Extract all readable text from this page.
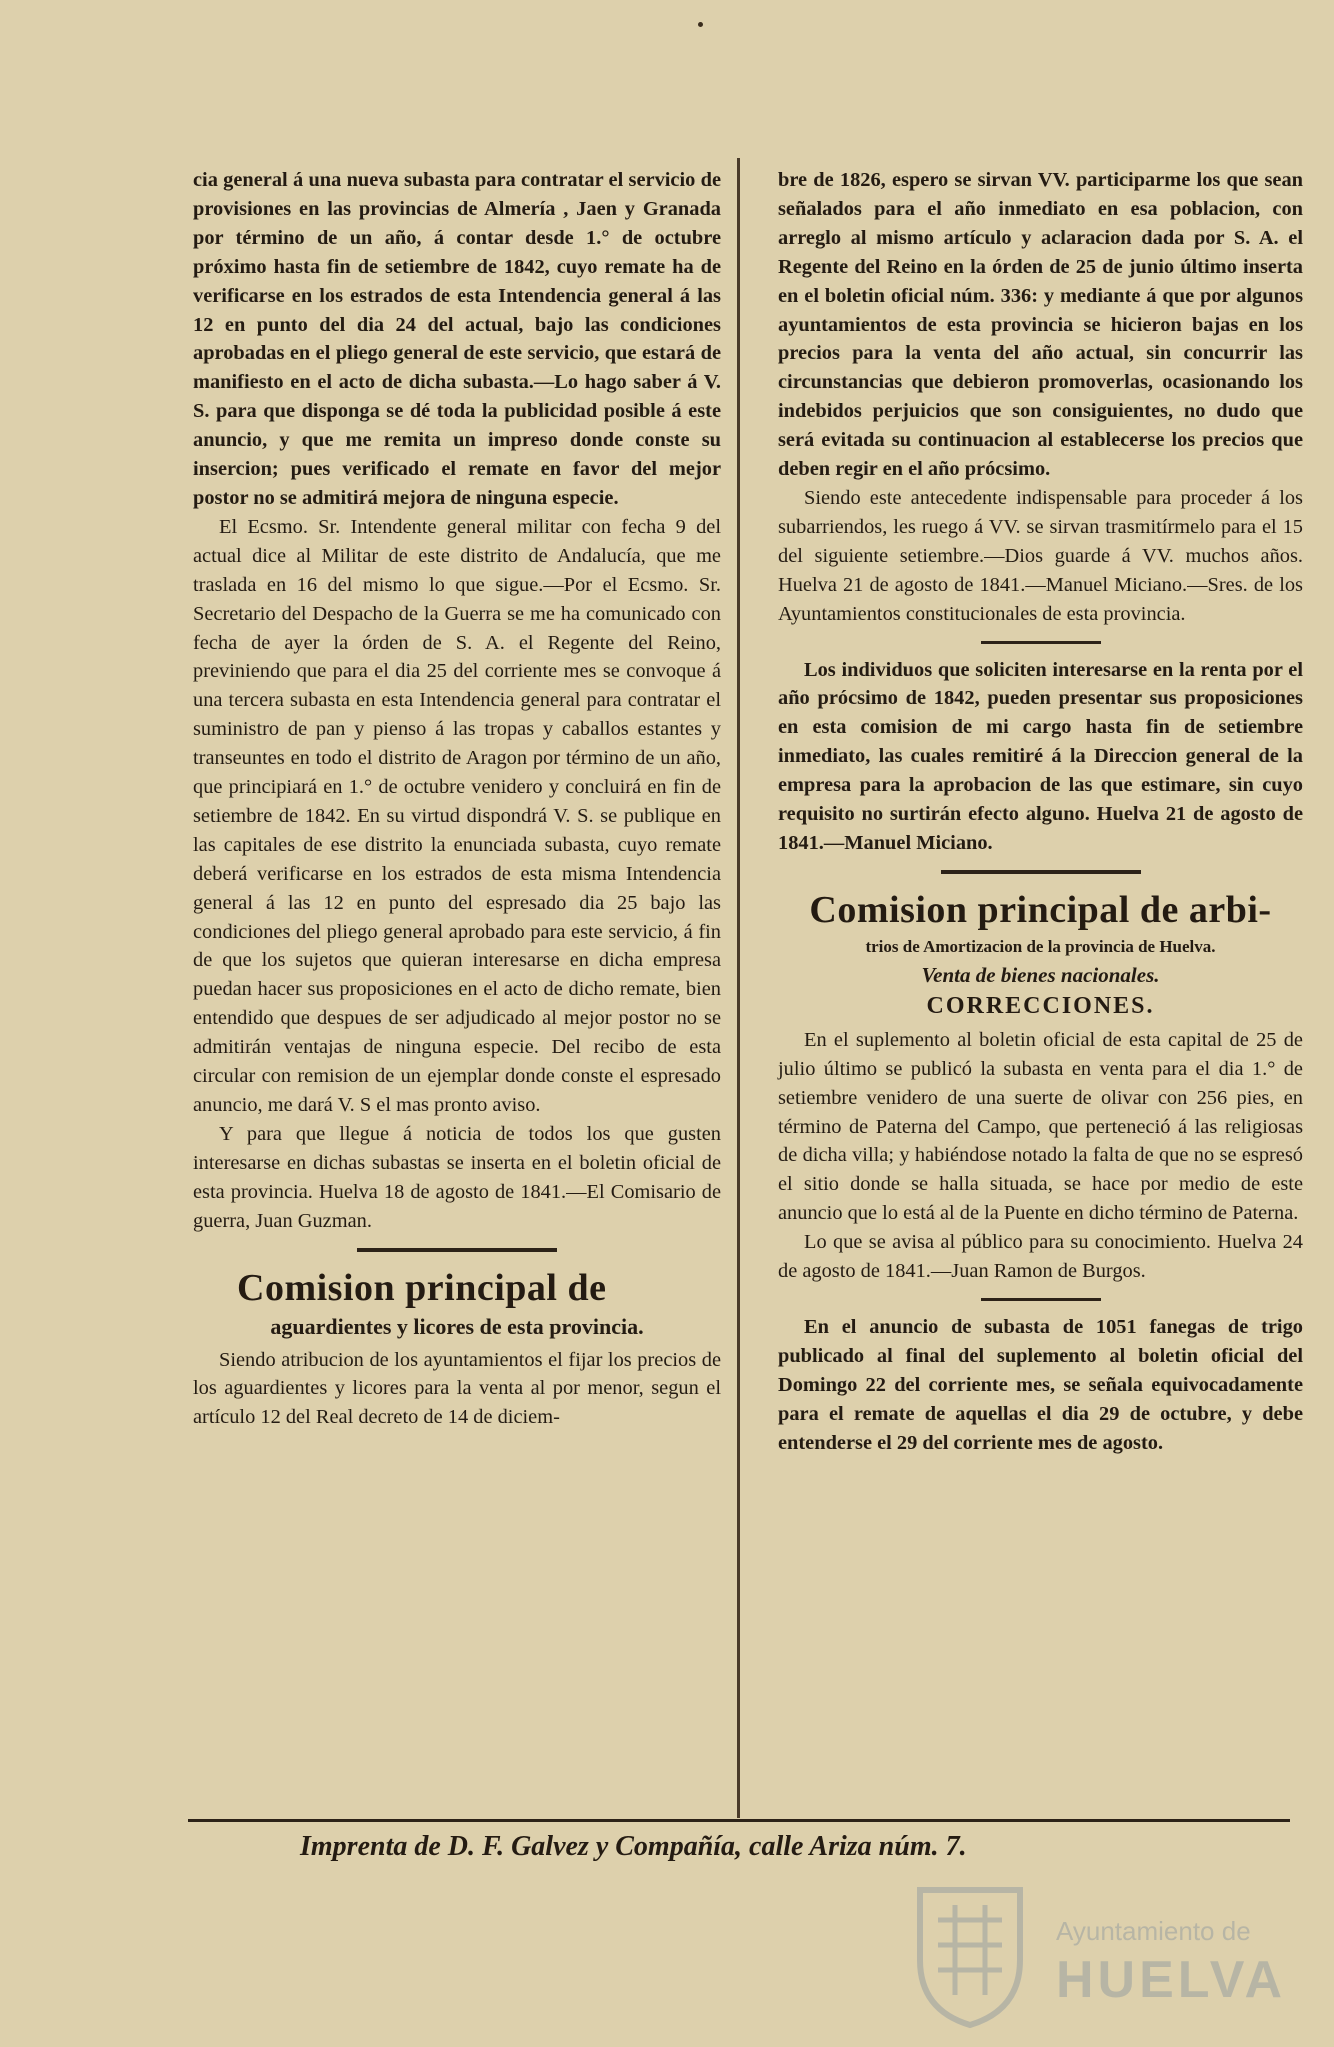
cia general á una nueva subasta para contratar el servicio de provisiones en las provincias de Almería , Jaen y Granada por término de un año, á contar desde 1.° de octubre próximo hasta fin de setiembre de 1842, cuyo remate ha de verificarse en los estrados de esta Intendencia general á las 12 en punto del dia 24 del actual, bajo las condiciones aprobadas en el pliego general de este servicio, que estará de manifiesto en el acto de dicha subasta.—Lo hago saber á V. S. para que disponga se dé toda la publicidad posible á este anuncio, y que me remita un impreso donde conste su insercion; pues verificado el remate en favor del mejor postor no se admitirá mejora de ninguna especie.

El Ecsmo. Sr. Intendente general militar con fecha 9 del actual dice al Militar de este distrito de Andalucía, que me traslada en 16 del mismo lo que sigue.—Por el Ecsmo. Sr. Secretario del Despacho de la Guerra se me ha comunicado con fecha de ayer la órden de S. A. el Regente del Reino, previniendo que para el dia 25 del corriente mes se convoque á una tercera subasta en esta Intendencia general para contratar el suministro de pan y pienso á las tropas y caballos estantes y transeuntes en todo el distrito de Aragon por término de un año, que principiará en 1.° de octubre venidero y concluirá en fin de setiembre de 1842. En su virtud dispondrá V. S. se publique en las capitales de ese distrito la enunciada subasta, cuyo remate deberá verificarse en los estrados de esta misma Intendencia general á las 12 en punto del espresado dia 25 bajo las condiciones del pliego general aprobado para este servicio, á fin de que los sujetos que quieran interesarse en dicha empresa puedan hacer sus proposiciones en el acto de dicho remate, bien entendido que despues de ser adjudicado al mejor postor no se admitirán ventajas de ninguna especie. Del recibo de esta circular con remision de un ejemplar donde conste el espresado anuncio, me dará V. S el mas pronto aviso.

Y para que llegue á noticia de todos los que gusten interesarse en dichas subastas se inserta en el boletin oficial de esta provincia. Huelva 18 de agosto de 1841.—El Comisario de guerra, Juan Guzman.

Comision principal de
aguardientes y licores de esta provincia.

Siendo atribucion de los ayuntamientos el fijar los precios de los aguardientes y licores para la venta al por menor, segun el artículo 12 del Real decreto de 14 de diciem-

bre de 1826, espero se sirvan VV. participarme los que sean señalados para el año inmediato en esa poblacion, con arreglo al mismo artículo y aclaracion dada por S. A. el Regente del Reino en la órden de 25 de junio último inserta en el boletin oficial núm. 336: y mediante á que por algunos ayuntamientos de esta provincia se hicieron bajas en los precios para la venta del año actual, sin concurrir las circunstancias que debieron promoverlas, ocasionando los indebidos perjuicios que son consiguientes, no dudo que será evitada su continuacion al establecerse los precios que deben regir en el año prócsimo.

Siendo este antecedente indispensable para proceder á los subarriendos, les ruego á VV. se sirvan trasmitírmelo para el 15 del siguiente setiembre.—Dios guarde á VV. muchos años. Huelva 21 de agosto de 1841.—Manuel Miciano.—Sres. de los Ayuntamientos constitucionales de esta provincia.

Los individuos que soliciten interesarse en la renta por el año prócsimo de 1842, pueden presentar sus proposiciones en esta comision de mi cargo hasta fin de setiembre inmediato, las cuales remitiré á la Direccion general de la empresa para la aprobacion de las que estimare, sin cuyo requisito no surtirán efecto alguno. Huelva 21 de agosto de 1841.—Manuel Miciano.

Comision principal de arbi-
trios de Amortizacion de la provincia de Huelva.
Venta de bienes nacionales.
CORRECCIONES.

En el suplemento al boletin oficial de esta capital de 25 de julio último se publicó la subasta en venta para el dia 1.° de setiembre venidero de una suerte de olivar con 256 pies, en término de Paterna del Campo, que perteneció á las religiosas de dicha villa; y habiéndose notado la falta de que no se espresó el sitio donde se halla situada, se hace por medio de este anuncio que lo está al de la Puente en dicho término de Paterna.

Lo que se avisa al público para su conocimiento. Huelva 24 de agosto de 1841.—Juan Ramon de Burgos.

En el anuncio de subasta de 1051 fanegas de trigo publicado al final del suplemento al boletin oficial del Domingo 22 del corriente mes, se señala equivocadamente para el remate de aquellas el dia 29 de octubre, y debe entenderse el 29 del corriente mes de agosto.

Imprenta de D. F. Galvez y Compañía, calle Ariza núm. 7.
Ayuntamiento de
HUELVA
